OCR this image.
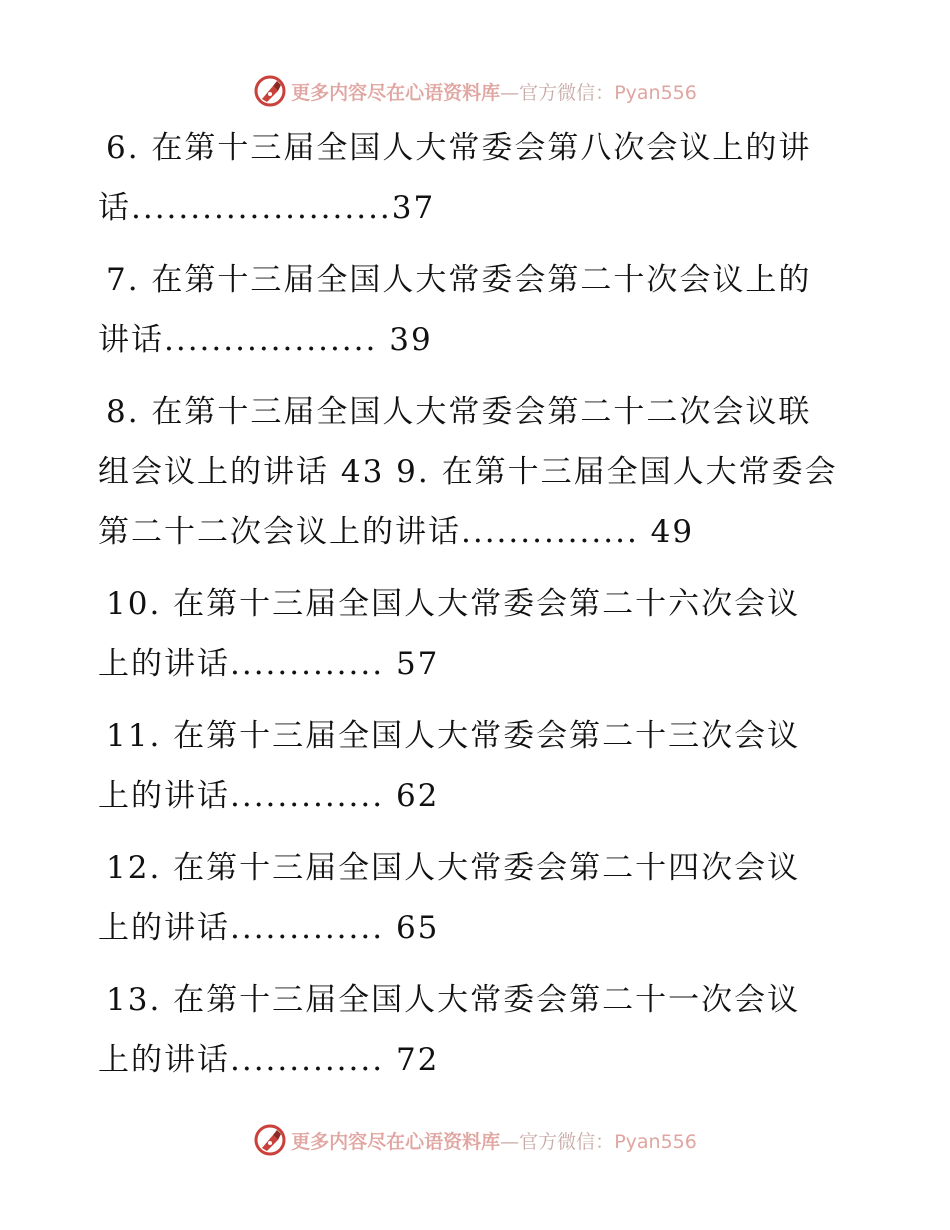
更多内容尽在心语资料库—官方微信：Pyan556
6. 在第十三届全国人大常委会第八次会议上的讲
话......................37
7. 在第十三届全国人大常委会第二十次会议上的
讲话.................. 39
8. 在第十三届全国人大常委会第二十二次会议联
组会议上的讲话 43 9. 在第十三届全国人大常委会
第二十二次会议上的讲话............... 49
10. 在第十三届全国人大常委会第二十六次会议
上的讲话............. 57
11. 在第十三届全国人大常委会第二十三次会议
上的讲话............. 62
12. 在第十三届全国人大常委会第二十四次会议
上的讲话............. 65
13. 在第十三届全国人大常委会第二十一次会议
上的讲话............. 72
更多内容尽在心语资料库—官方微信：Pyan556
